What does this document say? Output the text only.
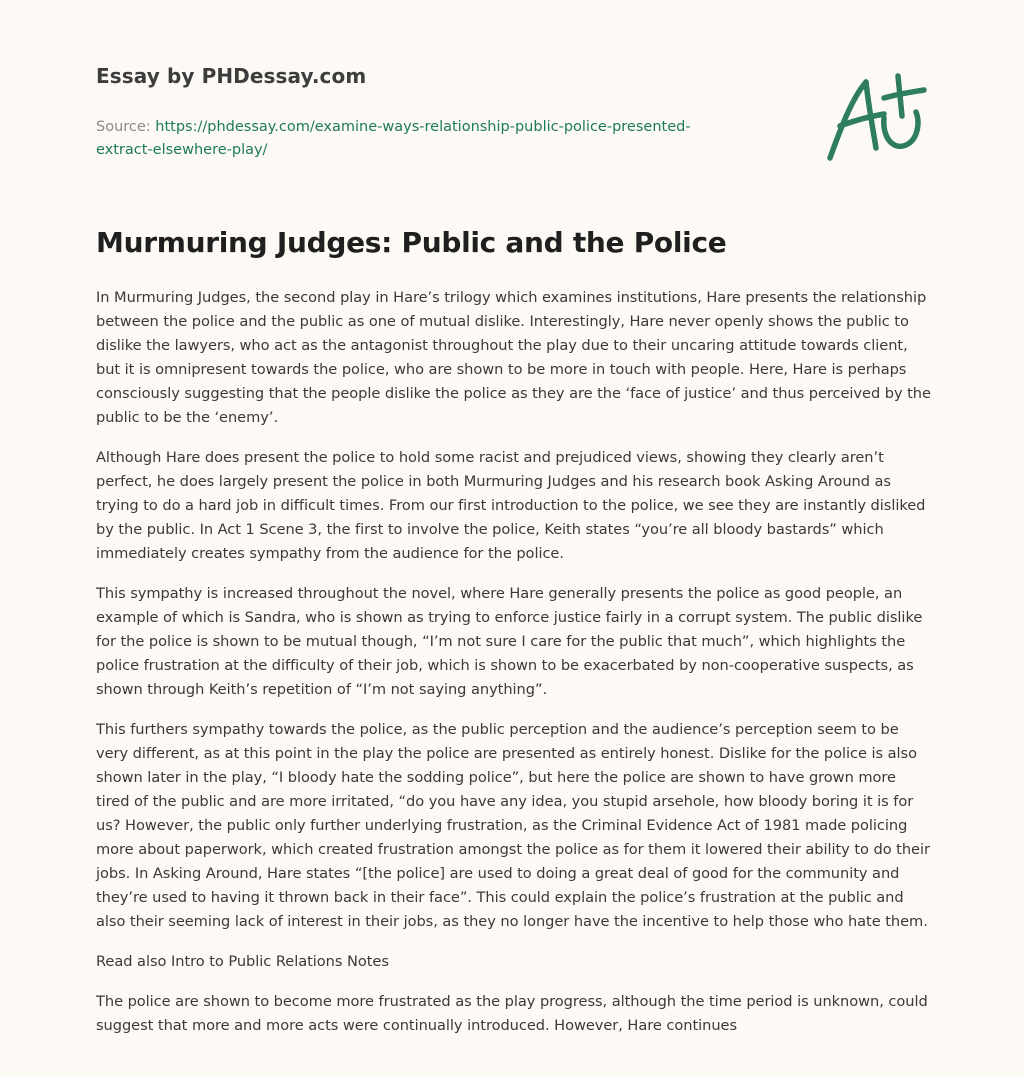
Essay by PHDessay.com
Source: https://phdessay.com/examine-ways-relationship-public-police-presented-
extract-elsewhere-play/
Murmuring Judges: Public and the Police

In Murmuring Judges, the second play in Hare’s trilogy which examines institutions, Hare presents the relationship between the police and the public as one of mutual dislike. Interestingly, Hare never openly shows the public to dislike the lawyers, who act as the antagonist throughout the play due to their uncaring attitude towards client, but it is omnipresent towards the police, who are shown to be more in touch with people. Here, Hare is perhaps consciously suggesting that the people dislike the police as they are the ‘face of justice’ and thus perceived by the public to be the ‘enemy’.

Although Hare does present the police to hold some racist and prejudiced views, showing they clearly aren’t perfect, he does largely present the police in both Murmuring Judges and his research book Asking Around as trying to do a hard job in difficult times. From our first introduction to the police, we see they are instantly disliked by the public. In Act 1 Scene 3, the first to involve the police, Keith states “you’re all bloody bastards” which immediately creates sympathy from the audience for the police.

This sympathy is increased throughout the novel, where Hare generally presents the police as good people, an example of which is Sandra, who is shown as trying to enforce justice fairly in a corrupt system. The public dislike for the police is shown to be mutual though, “I’m not sure I care for the public that much”, which highlights the police frustration at the difficulty of their job, which is shown to be exacerbated by non-cooperative suspects, as shown through Keith’s repetition of “I’m not saying anything”.

This furthers sympathy towards the police, as the public perception and the audience’s perception seem to be very different, as at this point in the play the police are presented as entirely honest. Dislike for the police is also shown later in the play, “I bloody hate the sodding police”, but here the police are shown to have grown more tired of the public and are more irritated, “do you have any idea, you stupid arsehole, how bloody boring it is for us? However, the public only further underlying frustration, as the Criminal Evidence Act of 1981 made policing more about paperwork, which created frustration amongst the police as for them it lowered their ability to do their jobs. In Asking Around, Hare states “[the police] are used to doing a great deal of good for the community and they’re used to having it thrown back in their face”. This could explain the police’s frustration at the public and also their seeming lack of interest in their jobs, as they no longer have the incentive to help those who hate them.

Read also Intro to Public Relations Notes

The police are shown to become more frustrated as the play progress, although the time period is unknown, could suggest that more and more acts were continually introduced. However, Hare continues
